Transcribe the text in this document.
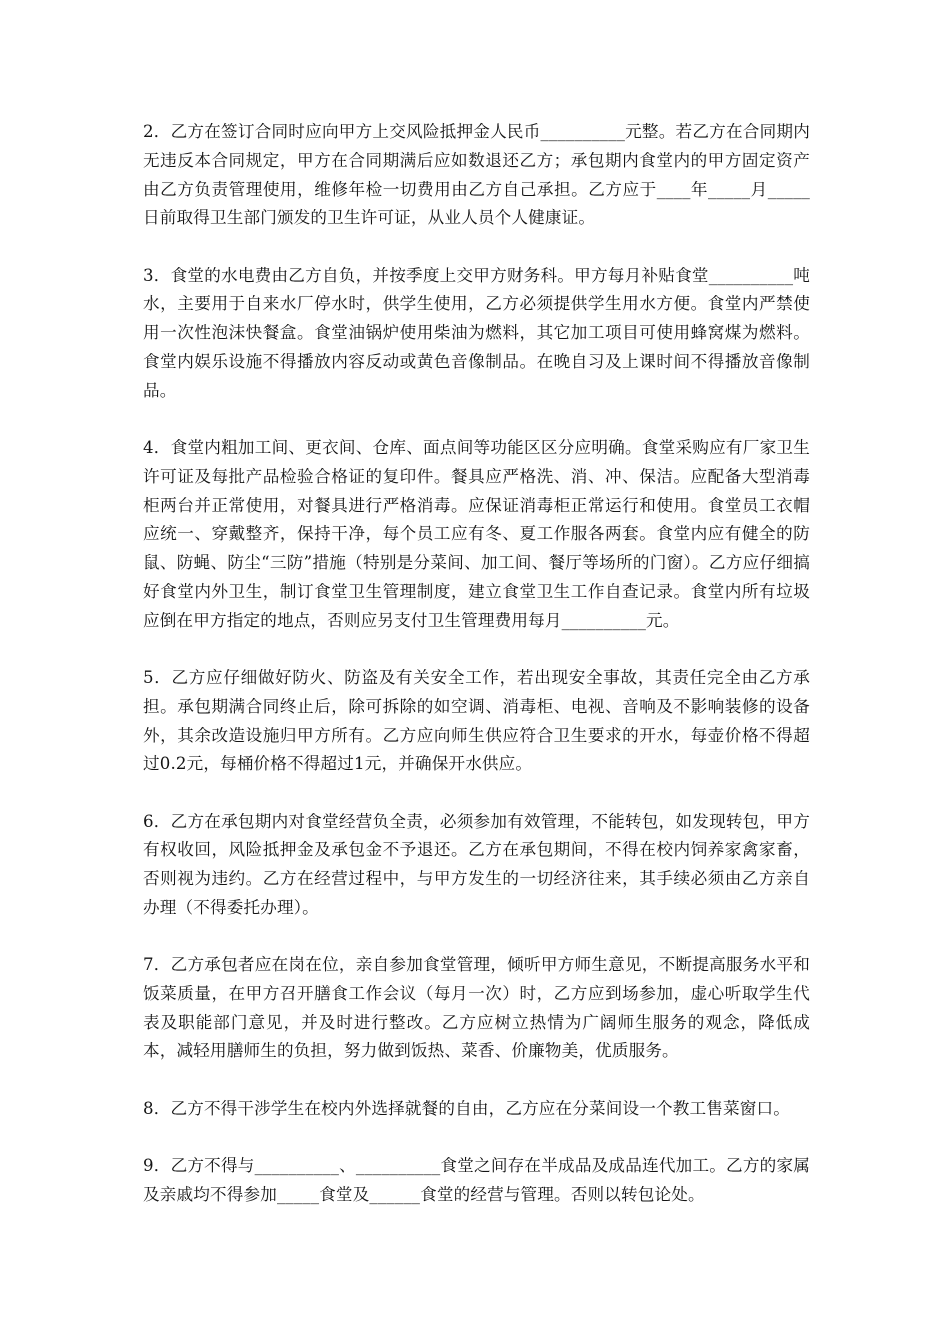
2．乙方在签订合同时应向甲方上交风险抵押金人民币__________元整。若乙方在合同期内无违反本合同规定，甲方在合同期满后应如数退还乙方；承包期内食堂内的甲方固定资产由乙方负责管理使用，维修年检一切费用由乙方自己承担。乙方应于____年_____月_____日前取得卫生部门颁发的卫生许可证，从业人员个人健康证。

3．食堂的水电费由乙方自负，并按季度上交甲方财务科。甲方每月补贴食堂__________吨水，主要用于自来水厂停水时，供学生使用，乙方必须提供学生用水方便。食堂内严禁使用一次性泡沫快餐盒。食堂油锅炉使用柴油为燃料，其它加工项目可使用蜂窝煤为燃料。食堂内娱乐设施不得播放内容反动或黄色音像制品。在晚自习及上课时间不得播放音像制品。

4．食堂内粗加工间、更衣间、仓库、面点间等功能区区分应明确。食堂采购应有厂家卫生许可证及每批产品检验合格证的复印件。餐具应严格洗、消、冲、保洁。应配备大型消毒柜两台并正常使用，对餐具进行严格消毒。应保证消毒柜正常运行和使用。食堂员工衣帽应统一、穿戴整齐，保持干净，每个员工应有冬、夏工作服各两套。食堂内应有健全的防鼠、防蝇、防尘“三防”措施（特别是分菜间、加工间、餐厅等场所的门窗）。乙方应仔细搞好食堂内外卫生，制订食堂卫生管理制度，建立食堂卫生工作自查记录。食堂内所有垃圾应倒在甲方指定的地点，否则应另支付卫生管理费用每月__________元。

5．乙方应仔细做好防火、防盗及有关安全工作，若出现安全事故，其责任完全由乙方承担。承包期满合同终止后，除可拆除的如空调、消毒柜、电视、音响及不影响装修的设备外，其余改造设施归甲方所有。乙方应向师生供应符合卫生要求的开水，每壶价格不得超过0.2元，每桶价格不得超过1元，并确保开水供应。

6．乙方在承包期内对食堂经营负全责，必须参加有效管理，不能转包，如发现转包，甲方有权收回，风险抵押金及承包金不予退还。乙方在承包期间，不得在校内饲养家禽家畜，否则视为违约。乙方在经营过程中，与甲方发生的一切经济往来，其手续必须由乙方亲自办理（不得委托办理）。

7．乙方承包者应在岗在位，亲自参加食堂管理，倾听甲方师生意见，不断提高服务水平和饭菜质量，在甲方召开膳食工作会议（每月一次）时，乙方应到场参加，虚心听取学生代表及职能部门意见，并及时进行整改。乙方应树立热情为广阔师生服务的观念，降低成本，减轻用膳师生的负担，努力做到饭热、菜香、价廉物美，优质服务。

8．乙方不得干涉学生在校内外选择就餐的自由，乙方应在分菜间设一个教工售菜窗口。

9．乙方不得与__________、__________食堂之间存在半成品及成品连代加工。乙方的家属及亲戚均不得参加_____食堂及______食堂的经营与管理。否则以转包论处。
